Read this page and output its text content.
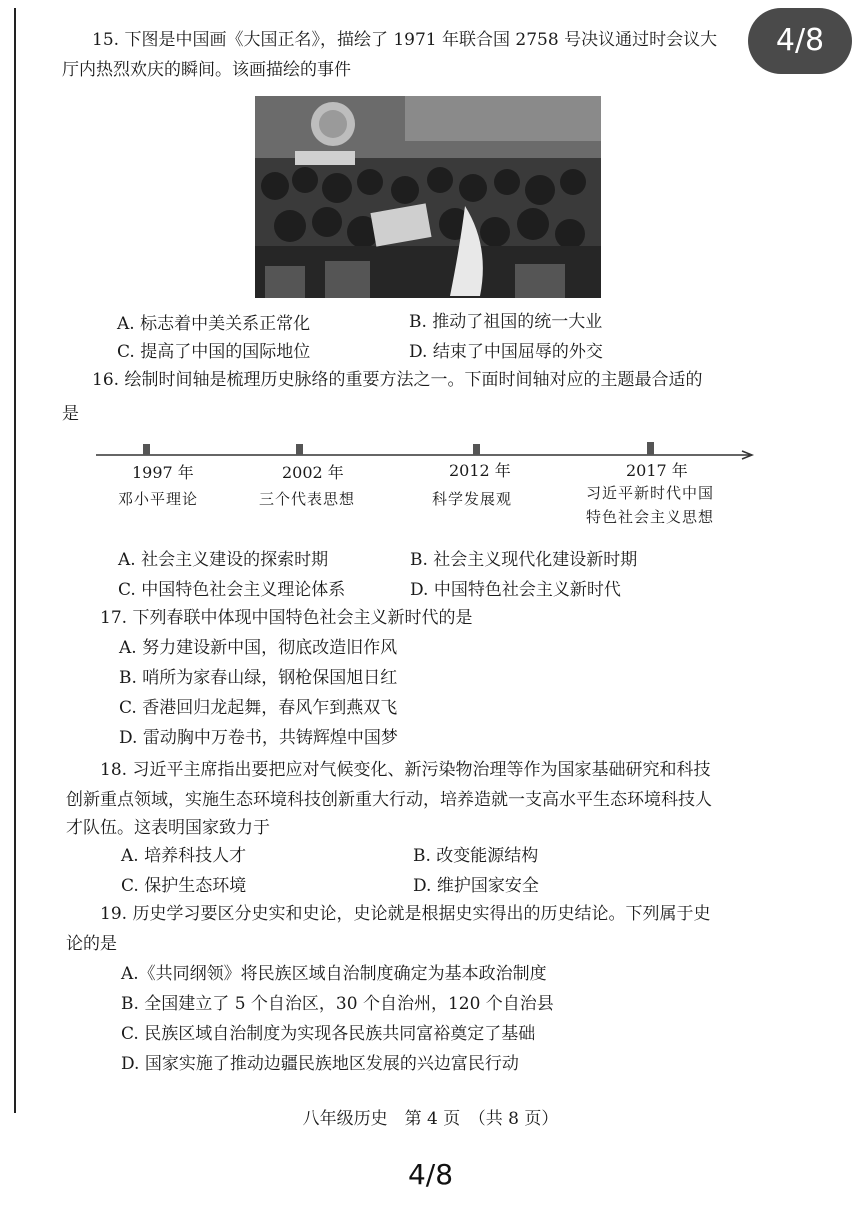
4/8
15. 下图是中国画《大国正名》，描绘了 1971 年联合国 2758 号决议通过时会议大
厅内热烈欢庆的瞬间。该画描绘的事件
A. 标志着中美关系正常化	B. 推动了祖国的统一大业
C. 提高了中国的国际地位	D. 结束了中国屈辱的外交
16. 绘制时间轴是梳理历史脉络的重要方法之一。下面时间轴对应的主题最合适的
是
1997 年
邓小平理论
2002 年
三个代表思想
2012 年
科学发展观
2017 年
习近平新时代中国
特色社会主义思想
A. 社会主义建设的探索时期	B. 社会主义现代化建设新时期
C. 中国特色社会主义理论体系	D. 中国特色社会主义新时代
17. 下列春联中体现中国特色社会主义新时代的是
A. 努力建设新中国，彻底改造旧作风
B. 哨所为家春山绿，钢枪保国旭日红
C. 香港回归龙起舞，春风乍到燕双飞
D. 雷动胸中万卷书，共铸辉煌中国梦
18. 习近平主席指出要把应对气候变化、新污染物治理等作为国家基础研究和科技
创新重点领域，实施生态环境科技创新重大行动，培养造就一支高水平生态环境科技人
才队伍。这表明国家致力于
A. 培养科技人才	B. 改变能源结构
C. 保护生态环境	D. 维护国家安全
19. 历史学习要区分史实和史论，史论就是根据史实得出的历史结论。下列属于史
论的是
A.《共同纲领》将民族区域自治制度确定为基本政治制度
B. 全国建立了 5 个自治区，30 个自治州，120 个自治县
C. 民族区域自治制度为实现各民族共同富裕奠定了基础
D. 国家实施了推动边疆民族地区发展的兴边富民行动
八年级历史　第 4 页　（共 8 页）
4/8
